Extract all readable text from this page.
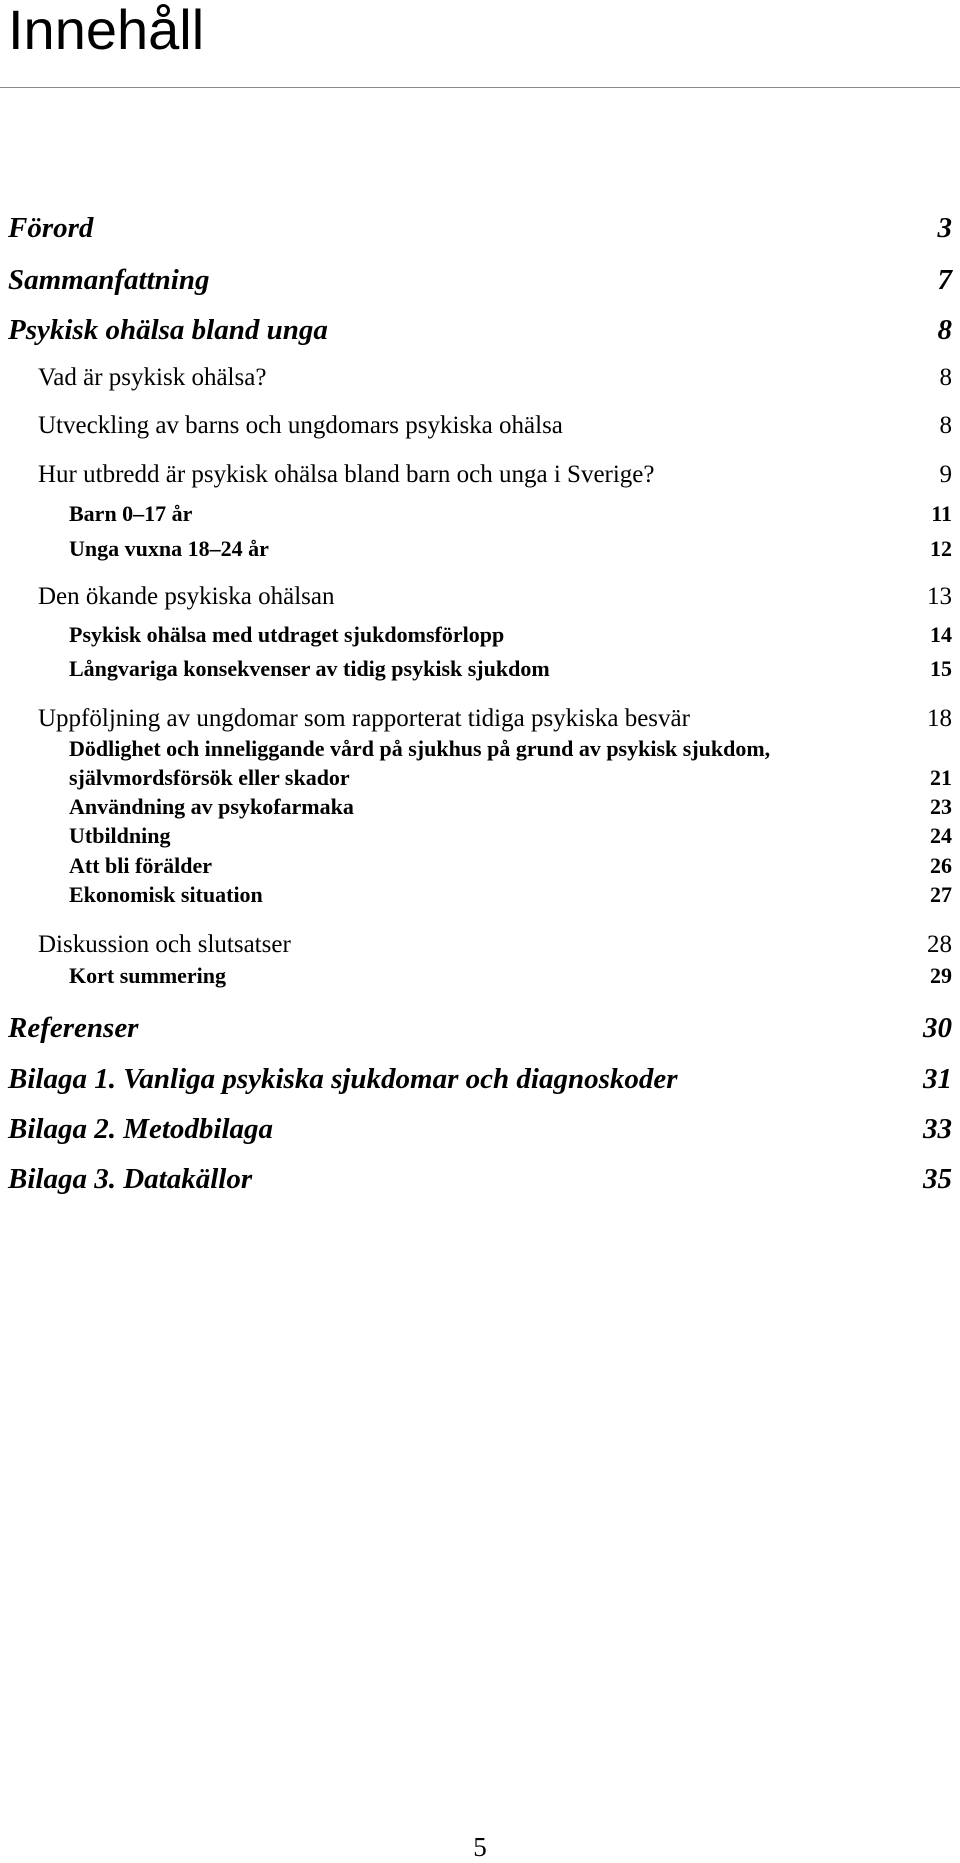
Innehåll
Förord	3
Sammanfattning	7
Psykisk ohälsa bland unga	8
Vad är psykisk ohälsa?	8
Utveckling av barns och ungdomars psykiska ohälsa	8
Hur utbredd är psykisk ohälsa bland barn och unga i Sverige?	9
Barn 0–17 år	11
Unga vuxna 18–24 år	12
Den ökande psykiska ohälsan	13
Psykisk ohälsa med utdraget sjukdomsförlopp	14
Långvariga konsekvenser av tidig psykisk sjukdom	15
Uppföljning av ungdomar som rapporterat tidiga psykiska besvär	18
Dödlighet och inneliggande vård på sjukhus på grund av psykisk sjukdom,
självmordsförsök eller skador	21
Användning av psykofarmaka	23
Utbildning	24
Att bli förälder	26
Ekonomisk situation	27
Diskussion och slutsatser	28
Kort summering	29
Referenser	30
Bilaga 1. Vanliga psykiska sjukdomar och diagnoskoder	31
Bilaga 2. Metodbilaga	33
Bilaga 3. Datakällor	35
5
